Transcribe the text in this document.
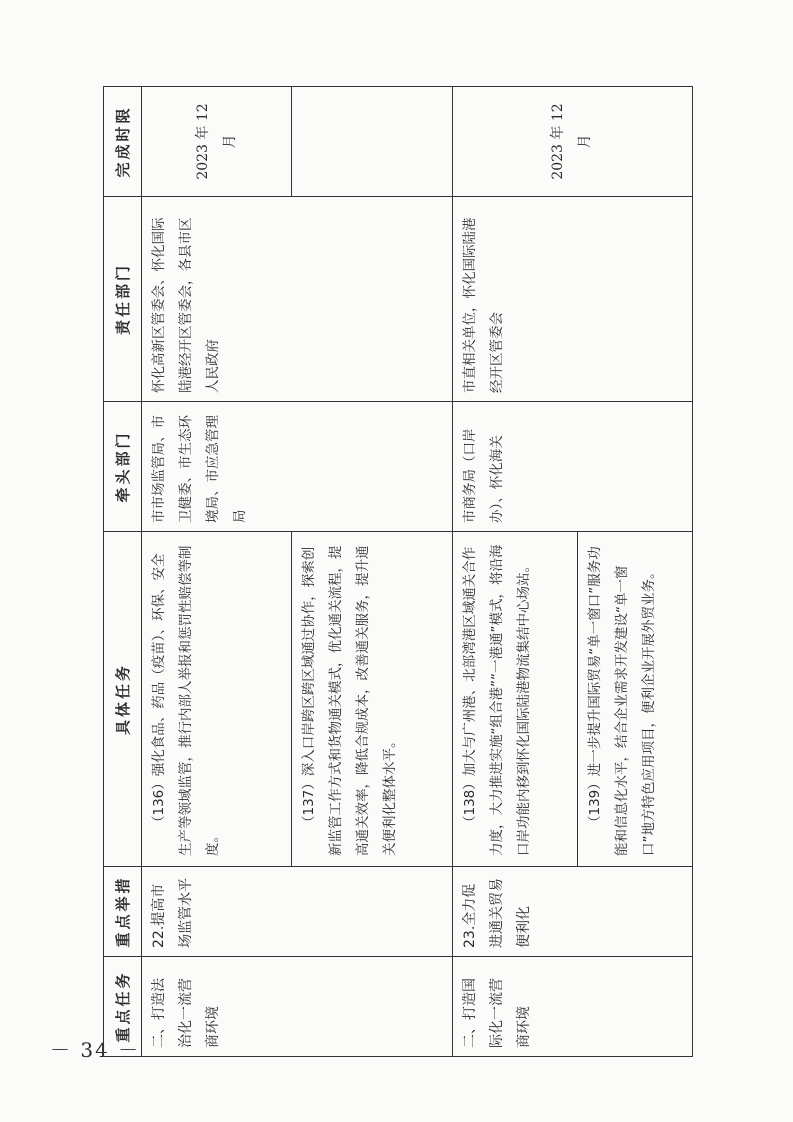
－ 34 －
重点任务	重点举措	具体任务	牵头部门	责任部门	完成时限
二、打造法治化一流营商环境	22.提高市场监管水平	（136）强化食品、药品（疫苗）、环保、安全生产等领域监管，推行内部人举报和惩罚性赔偿等制度。	市市场监管局、市卫健委、市生态环境局、市应急管理局	怀化高新区管委会、怀化国际陆港经开区管委会，各县市区人民政府	2023 年 12 月

		（137）深入口岸跨区跨区域通过协作，探索创新监管工作方式和货物通关模式，优化通关流程，提高通关效率，降低合规成本，改善通关服务，提升通关便利化整体水平。			

二、打造国际化一流营商环境	23.全力促进通关贸易便利化	（138）加大与广州港、北部湾港区域通关合作力度，大力推进实施“组合港”“一港通”模式，将沿海口岸功能内移到怀化国际陆港物流集结中心场站。	市商务局（口岸办）、怀化海关	市直相关单位，怀化国际陆港经开区管委会	2023 年 12 月

		（139）进一步提升国际贸易“单一窗口”服务功能和信息化水平，结合企业需求开发建设“单一窗口”地方特色应用项目，便利企业开展外贸业务。			
